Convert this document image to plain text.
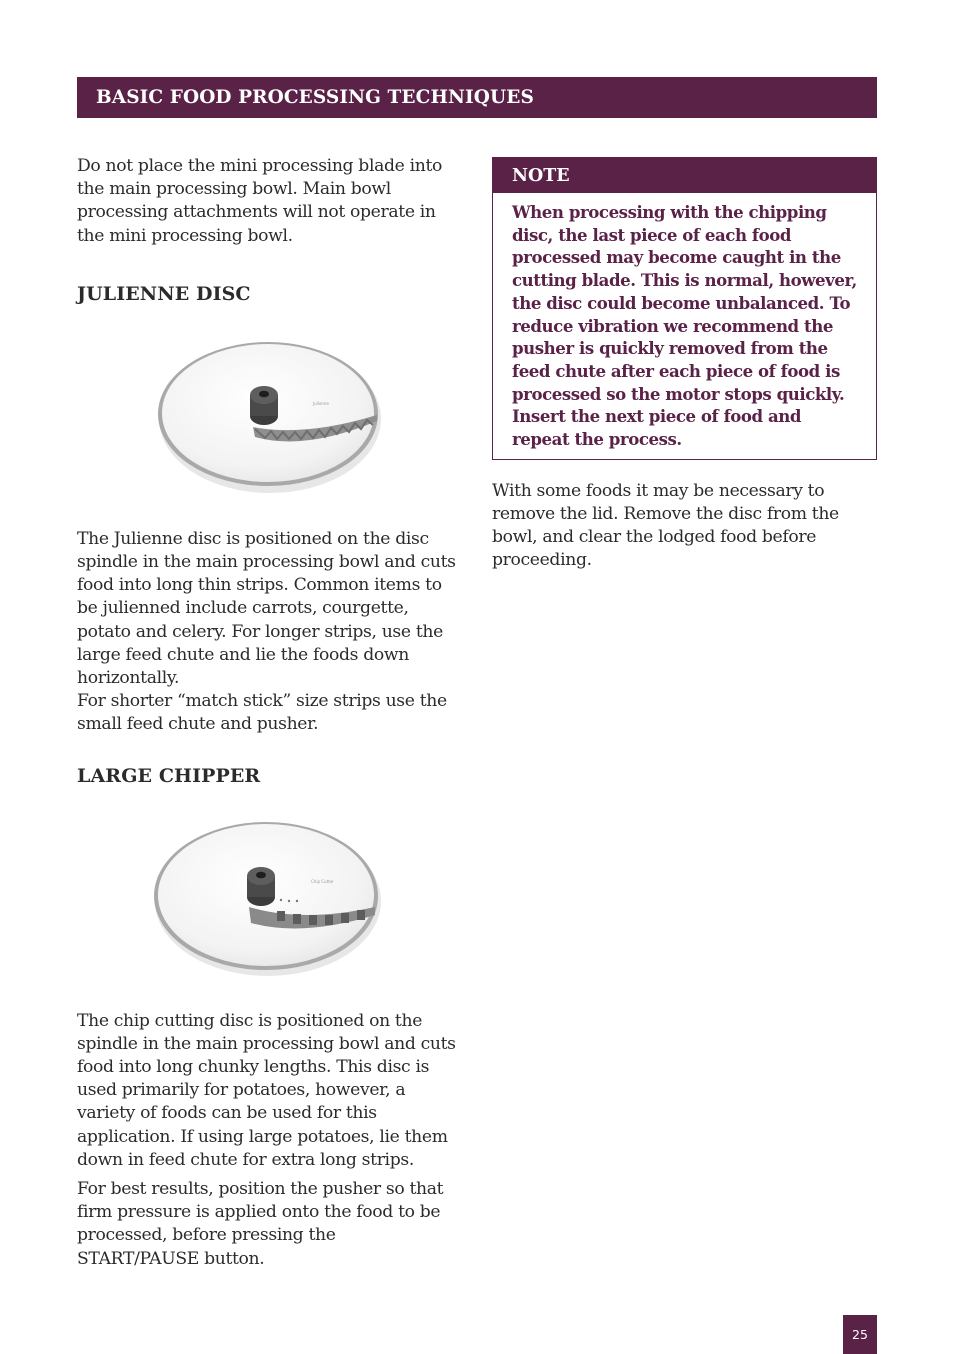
BASIC FOOD PROCESSING TECHNIQUES

Do not place the mini processing blade into the main processing bowl. Main bowl processing attachments will not operate in the mini processing bowl.

JULIENNE DISC
Julienne

The Julienne disc is positioned on the disc spindle in the main processing bowl and cuts food into long thin strips. Common items to be julienned include carrots, courgette, potato and celery. For longer strips, use the large feed chute and lie the foods down horizontally.

For shorter “match stick” size strips use the small feed chute and pusher.

LARGE CHIPPER
Chip Cutter

The chip cutting disc is positioned on the spindle in the main processing bowl and cuts food into long chunky lengths. This disc is used primarily for potatoes, however, a variety of foods can be used for this application. If using large potatoes, lie them down in feed chute for extra long strips.

For best results, position the pusher so that firm pressure is applied onto the food to be processed, before pressing the START/PAUSE button.

NOTE
When processing with the chipping disc, the last piece of each food processed may become caught in the cutting blade. This is normal, however, the disc could become unbalanced. To reduce vibration we recommend the pusher is quickly removed from the feed chute after each piece of food is processed so the motor stops quickly. Insert the next piece of food and repeat the process.

With some foods it may be necessary to remove the lid. Remove the disc from the bowl, and clear the lodged food before proceeding.

25
